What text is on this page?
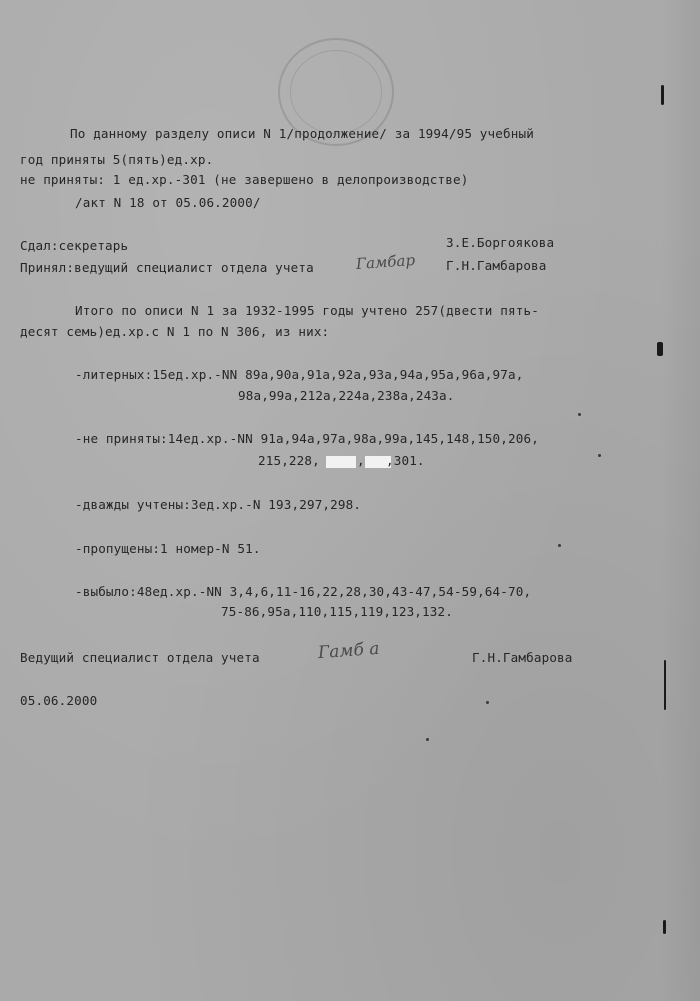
По данному разделу описи N 1/продолжение/ за 1994/95 учебный
год приняты 5(пять)ед.хр.
не приняты: 1 ед.хр.-301 (не завершено в делопроизводстве)
/акт N 18 от 05.06.2000/
Сдал:секретарь	З.Е.Боргоякова
Принял:ведущий специалист отдела учета	Гамбар Г.Н.Гамбарова
Итого по описи N 1 за 1932-1995 годы учтено 257(двести пять-
десят семь)ед.хр.с N 1 по N 306, из них:
-литерных:15ед.хр.-NN 89а,90а,91а,92а,93а,94а,95а,96а,97а,
98а,99а,212а,224а,238а,243а.
-не приняты:14ед.хр.-NN 91а,94а,97а,98а,99а,145,148,150,206,
215,228,	, ,301.
-дважды учтены:3ед.хр.-N 193,297,298.
-пропущены:1 номер-N 51.
-выбыло:48ед.хр.-NN 3,4,6,11-16,22,28,30,43-47,54-59,64-70,
75-86,95а,110,115,119,123,132.
Ведущий специалист отдела учета	Гамб а	Г.Н.Гамбарова
05.06.2000
